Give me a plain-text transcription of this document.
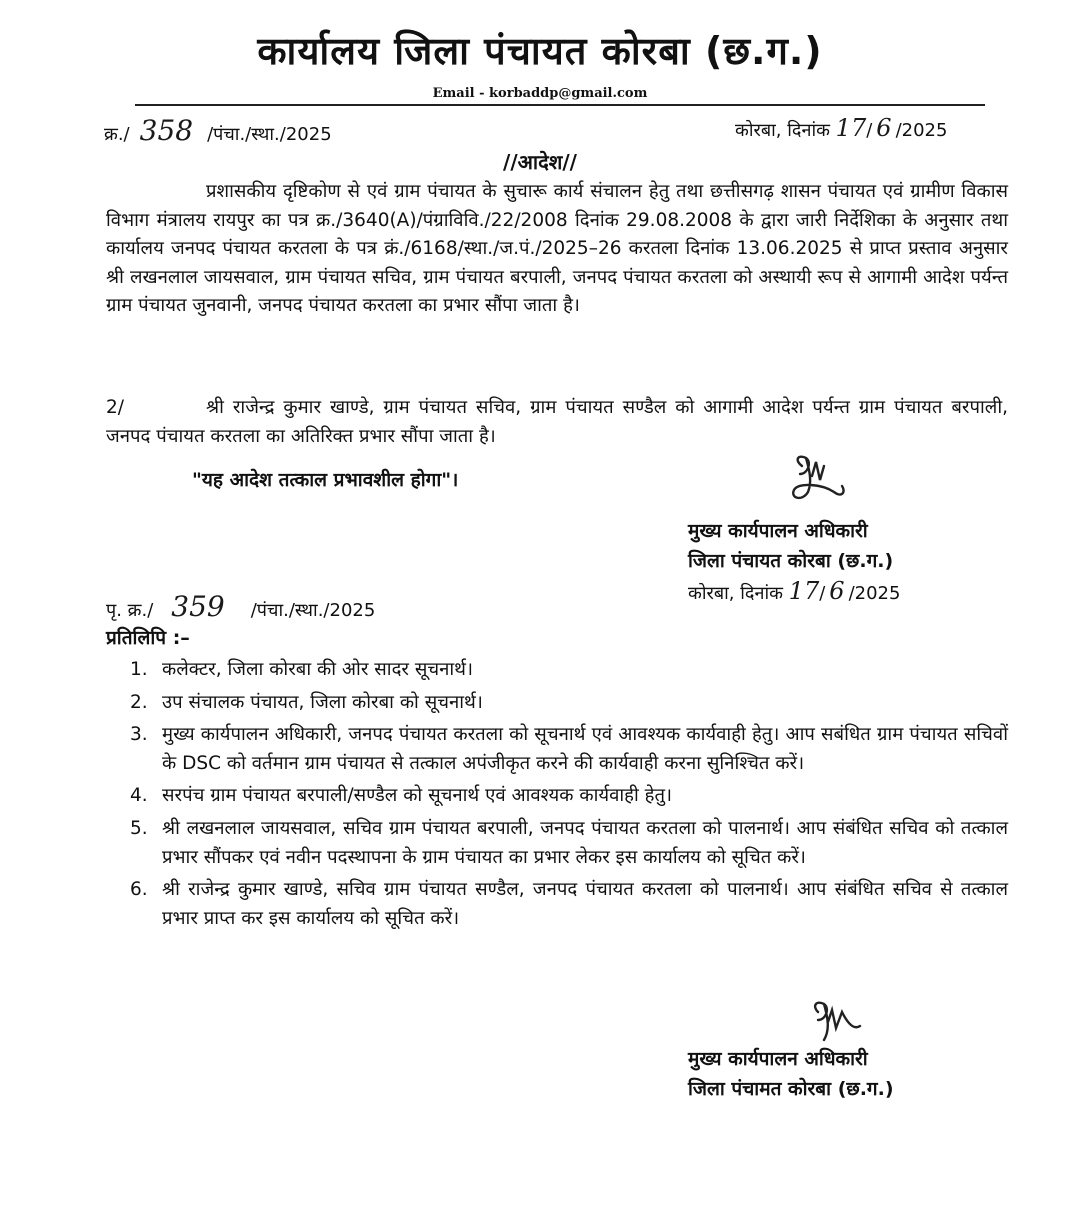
कार्यालय जिला पंचायत कोरबा (छ.ग.)
Email - korbaddp@gmail.com
क्र./ 358 /पंचा./स्था./2025	कोरबा, दिनांक 17/ 6 /2025
//आदेश//

प्रशासकीय दृष्टिकोण से एवं ग्राम पंचायत के सुचारू कार्य संचालन हेतु तथा छत्तीसगढ़ शासन पंचायत एवं ग्रामीण विकास विभाग मंत्रालय रायपुर का पत्र क्र./3640(A)/पंग्राविवि./22/2008 दिनांक 29.08.2008 के द्वारा जारी निर्देशिका के अनुसार तथा कार्यालय जनपद पंचायत करतला के पत्र क्रं./6168/स्था./ज.पं./2025–26 करतला दिनांक 13.06.2025 से प्राप्त प्रस्ताव अनुसार श्री लखनलाल जायसवाल, ग्राम पंचायत सचिव, ग्राम पंचायत बरपाली, जनपद पंचायत करतला को अस्थायी रूप से आगामी आदेश पर्यन्त ग्राम पंचायत जुनवानी, जनपद पंचायत करतला का प्रभार सौंपा जाता है।

2/	श्री राजेन्द्र कुमार खाण्डे, ग्राम पंचायत सचिव, ग्राम पंचायत सण्डैल को आगामी आदेश पर्यन्त ग्राम पंचायत बरपाली, जनपद पंचायत करतला का अतिरिक्त प्रभार सौंपा जाता है।

"यह आदेश तत्काल प्रभावशील होगा"।
मुख्य कार्यपालन अधिकारी
जिला पंचायत कोरबा (छ.ग.)
कोरबा, दिनांक 17/ 6 /2025
पृ. क्र./ 359 /पंचा./स्था./2025
प्रतिलिपि :–
1. कलेक्टर, जिला कोरबा की ओर सादर सूचनार्थ।
2. उप संचालक पंचायत, जिला कोरबा को सूचनार्थ।
3. मुख्य कार्यपालन अधिकारी, जनपद पंचायत करतला को सूचनार्थ एवं आवश्यक कार्यवाही हेतु। आप सबंधित ग्राम पंचायत सचिवों के DSC को वर्तमान ग्राम पंचायत से तत्काल अपंजीकृत करने की कार्यवाही करना सुनिश्चित करें।
4. सरपंच ग्राम पंचायत बरपाली/सण्डैल को सूचनार्थ एवं आवश्यक कार्यवाही हेतु।
5. श्री लखनलाल जायसवाल, सचिव ग्राम पंचायत बरपाली, जनपद पंचायत करतला को पालनार्थ। आप संबंधित सचिव को तत्काल प्रभार सौंपकर एवं नवीन पदस्थापना के ग्राम पंचायत का प्रभार लेकर इस कार्यालय को सूचित करें।
6. श्री राजेन्द्र कुमार खाण्डे, सचिव ग्राम पंचायत सण्डैल, जनपद पंचायत करतला को पालनार्थ। आप संबंधित सचिव से तत्काल प्रभार प्राप्त कर इस कार्यालय को सूचित करें।
मुख्य कार्यपालन अधिकारी
जिला पंचामत कोरबा (छ.ग.)
